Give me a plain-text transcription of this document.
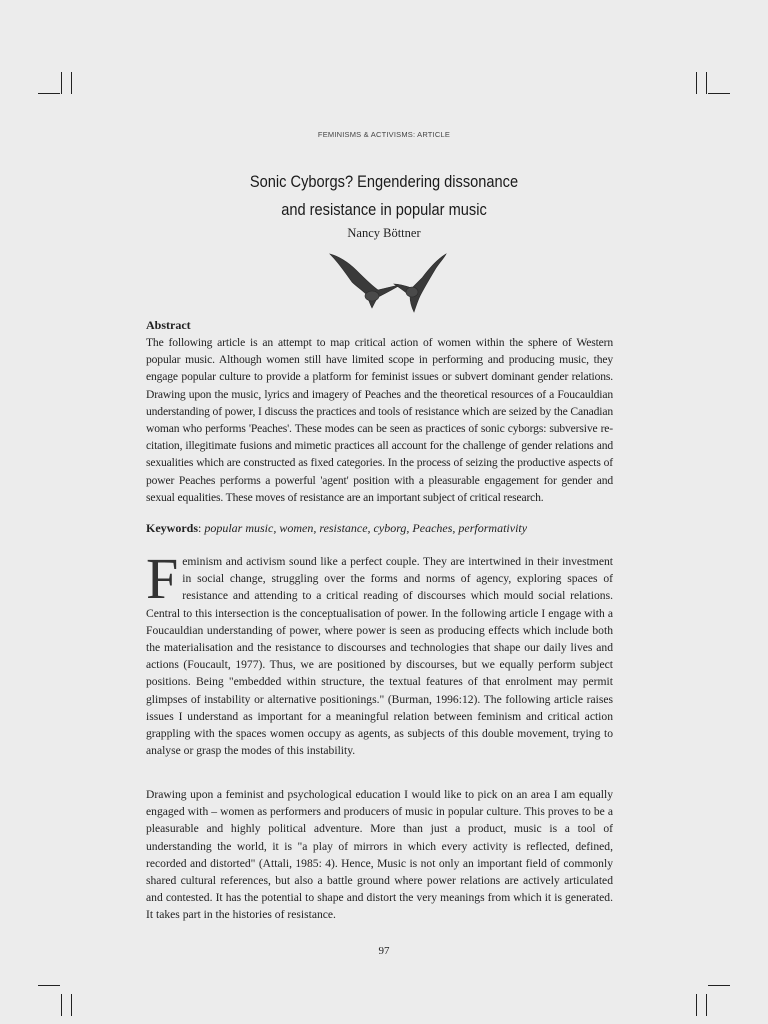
FEMINISMS & ACTIVISMS: ARTICLE
Sonic Cyborgs? Engendering dissonance
and resistance in popular music
Nancy Böttner
Abstract

The following article is an attempt to map critical action of women within the sphere of Western popular music. Although women still have limited scope in performing and producing music, they engage popular culture to provide a platform for feminist issues or subvert dominant gender relations. Drawing upon the music, lyrics and imagery of Peaches and the theoretical resources of a Foucauldian understanding of power, I discuss the practices and tools of resistance which are seized by the Canadian woman who performs 'Peaches'. These modes can be seen as practices of sonic cyborgs: subversive re-citation, illegitimate fusions and mimetic practices all account for the challenge of gender relations and sexualities which are constructed as fixed categories. In the process of seizing the productive aspects of power Peaches performs a powerful 'agent' position with a pleasurable engagement for gender and sexual equalities. These moves of resistance are an important subject of critical research.

Keywords: popular music, women, resistance, cyborg, Peaches, performativity

Feminism and activism sound like a perfect couple. They are intertwined in their investment in social change, struggling over the forms and norms of agency, exploring spaces of resistance and attending to a critical reading of discourses which mould social relations. Central to this intersection is the conceptualisation of power. In the following article I engage with a Foucauldian understanding of power, where power is seen as producing effects which include both the materialisation and the resistance to discourses and technologies that shape our daily lives and actions (Foucault, 1977). Thus, we are positioned by discourses, but we equally perform subject positions. Being "embedded within structure, the textual features of that enrolment may permit glimpses of instability or alternative positionings." (Burman, 1996:12). The following article raises issues I understand as important for a meaningful relation between feminism and critical action grappling with the spaces women occupy as agents, as subjects of this double movement, trying to analyse or grasp the modes of this instability.

Drawing upon a feminist and psychological education I would like to pick on an area I am equally engaged with – women as performers and producers of music in popular culture. This proves to be a pleasurable and highly political adventure. More than just a product, music is a tool of understanding the world, it is "a play of mirrors in which every activity is reflected, defined, recorded and distorted" (Attali, 1985: 4). Hence, Music is not only an important field of commonly shared cultural references, but also a battle ground where power relations are actively articulated and contested. It has the potential to shape and distort the very meanings from which it is generated. It takes part in the histories of resistance.

97
